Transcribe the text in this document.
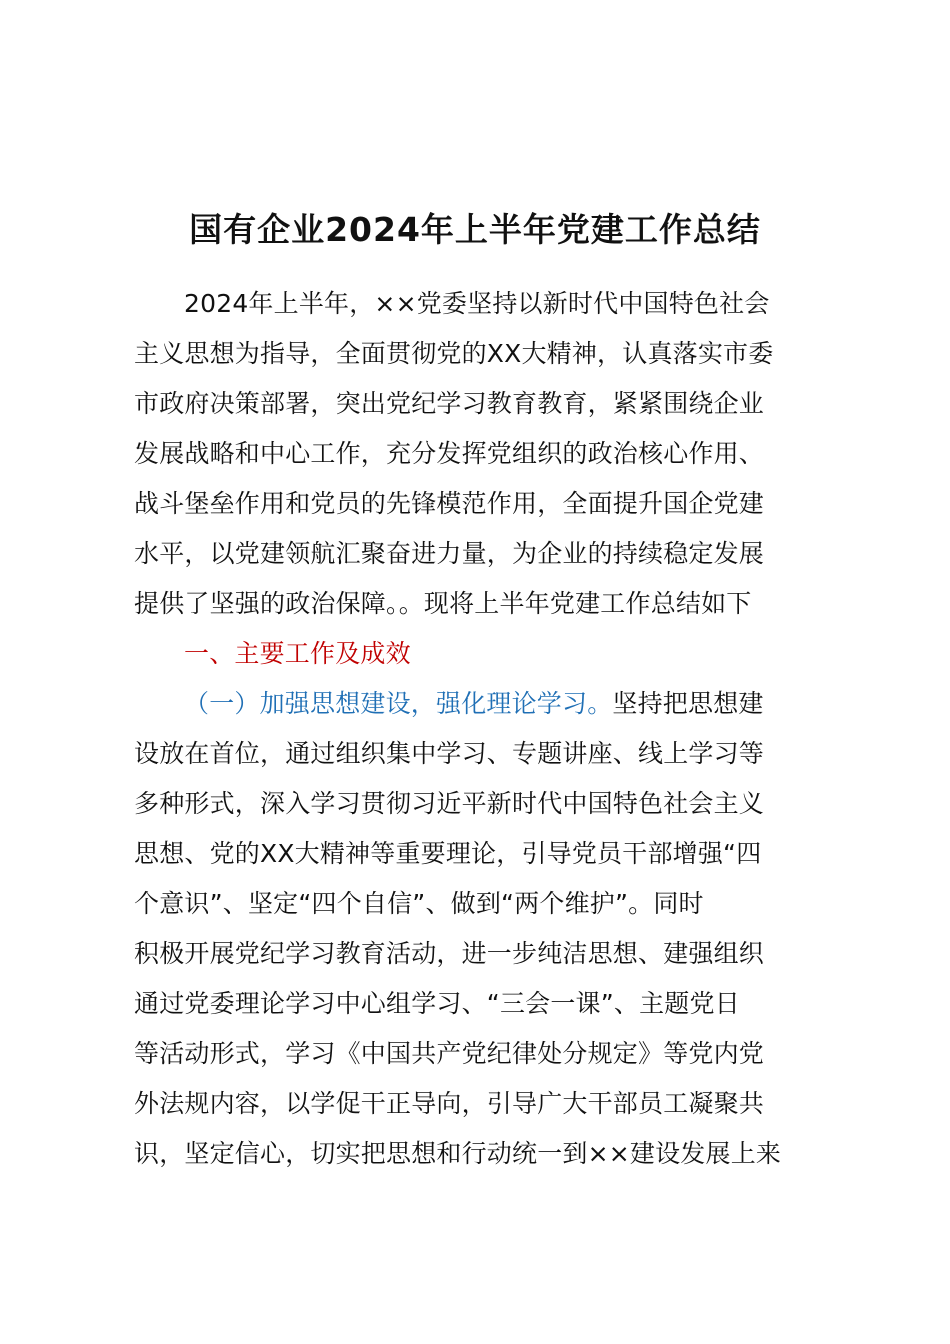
国有企业2024年上半年党建工作总结
2024年上半年，××党委坚持以新时代中国特色社会
主义思想为指导，全面贯彻党的XX大精神，认真落实市委
市政府决策部署，突出党纪学习教育教育，紧紧围绕企业
发展战略和中心工作，充分发挥党组织的政治核心作用、
战斗堡垒作用和党员的先锋模范作用，全面提升国企党建
水平，以党建领航汇聚奋进力量，为企业的持续稳定发展
提供了坚强的政治保障。。现将上半年党建工作总结如下
一、主要工作及成效
（一）加强思想建设，强化理论学习。坚持把思想建
设放在首位，通过组织集中学习、专题讲座、线上学习等
多种形式，深入学习贯彻习近平新时代中国特色社会主义
思想、党的XX大精神等重要理论，引导党员干部增强“四
个意识”、坚定“四个自信”、做到“两个维护”。同时
积极开展党纪学习教育活动，进一步纯洁思想、建强组织
通过党委理论学习中心组学习、“三会一课”、主题党日
等活动形式，学习《中国共产党纪律处分规定》等党内党
外法规内容，以学促干正导向，引导广大干部员工凝聚共
识，坚定信心，切实把思想和行动统一到××建设发展上来
